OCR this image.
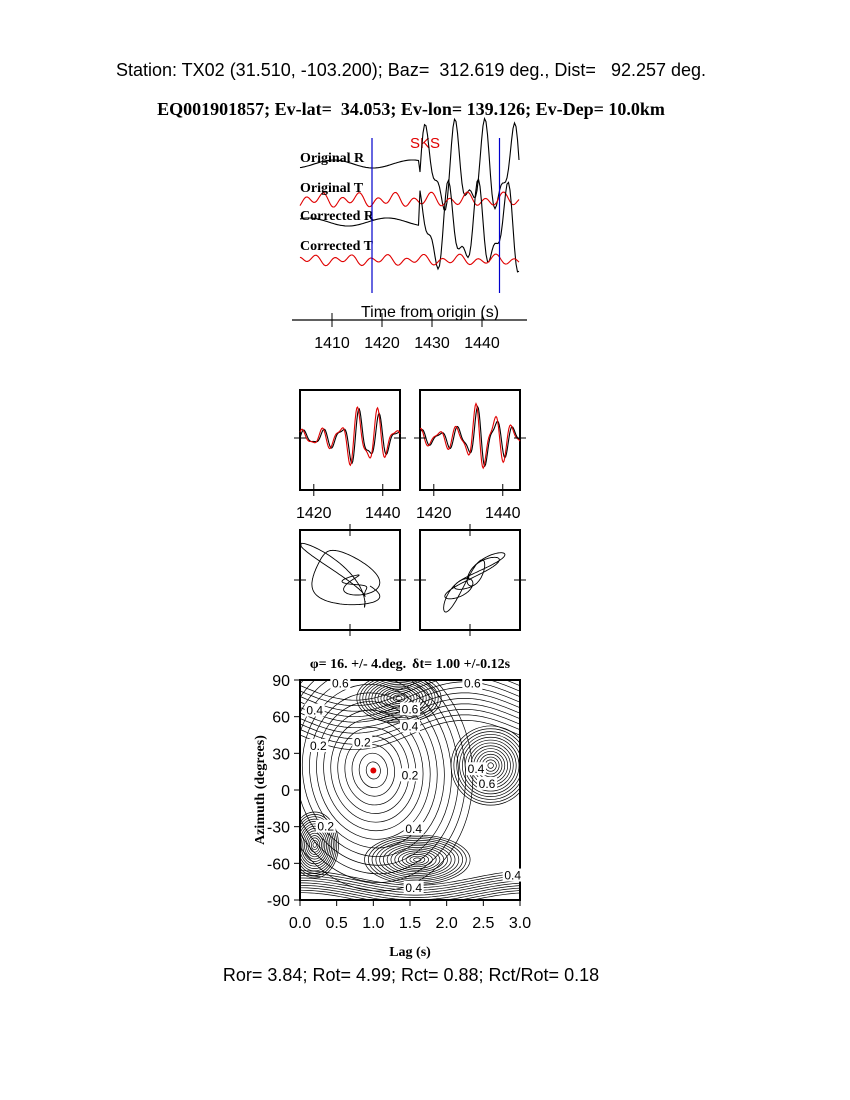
Station: TX02 (31.510, -103.200); Baz=  312.619 deg., Dist=   92.257 deg.
EQ001901857; Ev-lat=  34.053; Ev-lon= 139.126; Ev-Dep= 10.0km
SKS
Original R
Original T
Corrected R
Corrected T
Time from origin (s)
1410 1420 1430 1440
1420 1440 1420 1440
φ= 16. +/- 4.deg. δt= 1.00 +/-0.12s
0.6	0.6
0.4	0.6
0.4
0.2 0.2
0.2	0.4
0.6
0.2	0.4
0.4
0.4
0.0 0.5 1.0 1.5 2.0 2.5 3.0
90
60
30
0
-30
-60
-90
Lag (s)
Azimuth (degrees)
Ror= 3.84; Rot= 4.99; Rct= 0.88; Rct/Rot= 0.18
